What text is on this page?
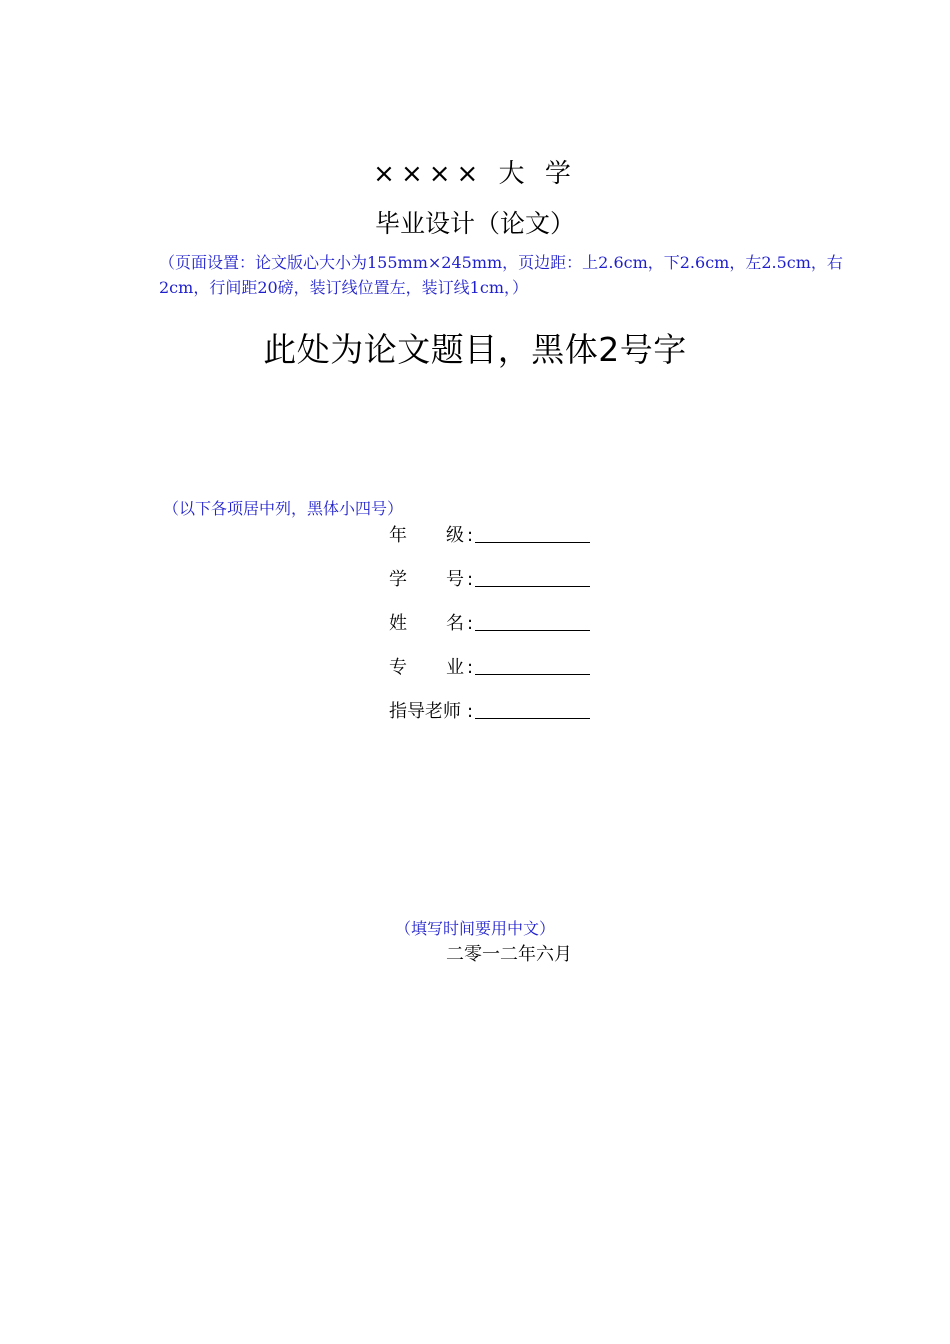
×××× 大 学
毕业设计（论文）
（页面设置：论文版心大小为155mm×245mm，页边距：上2.6cm，下2.6cm，左2.5cm，右2cm，行间距20磅，装订线位置左，装订线1cm，）
此处为论文题目，黑体2号字
（以下各项居中列，黑体小四号）
年 级 :
学 号 :
姓 名 :
专 业 :
指导老师 :
（填写时间要用中文）
二零一二年六月
